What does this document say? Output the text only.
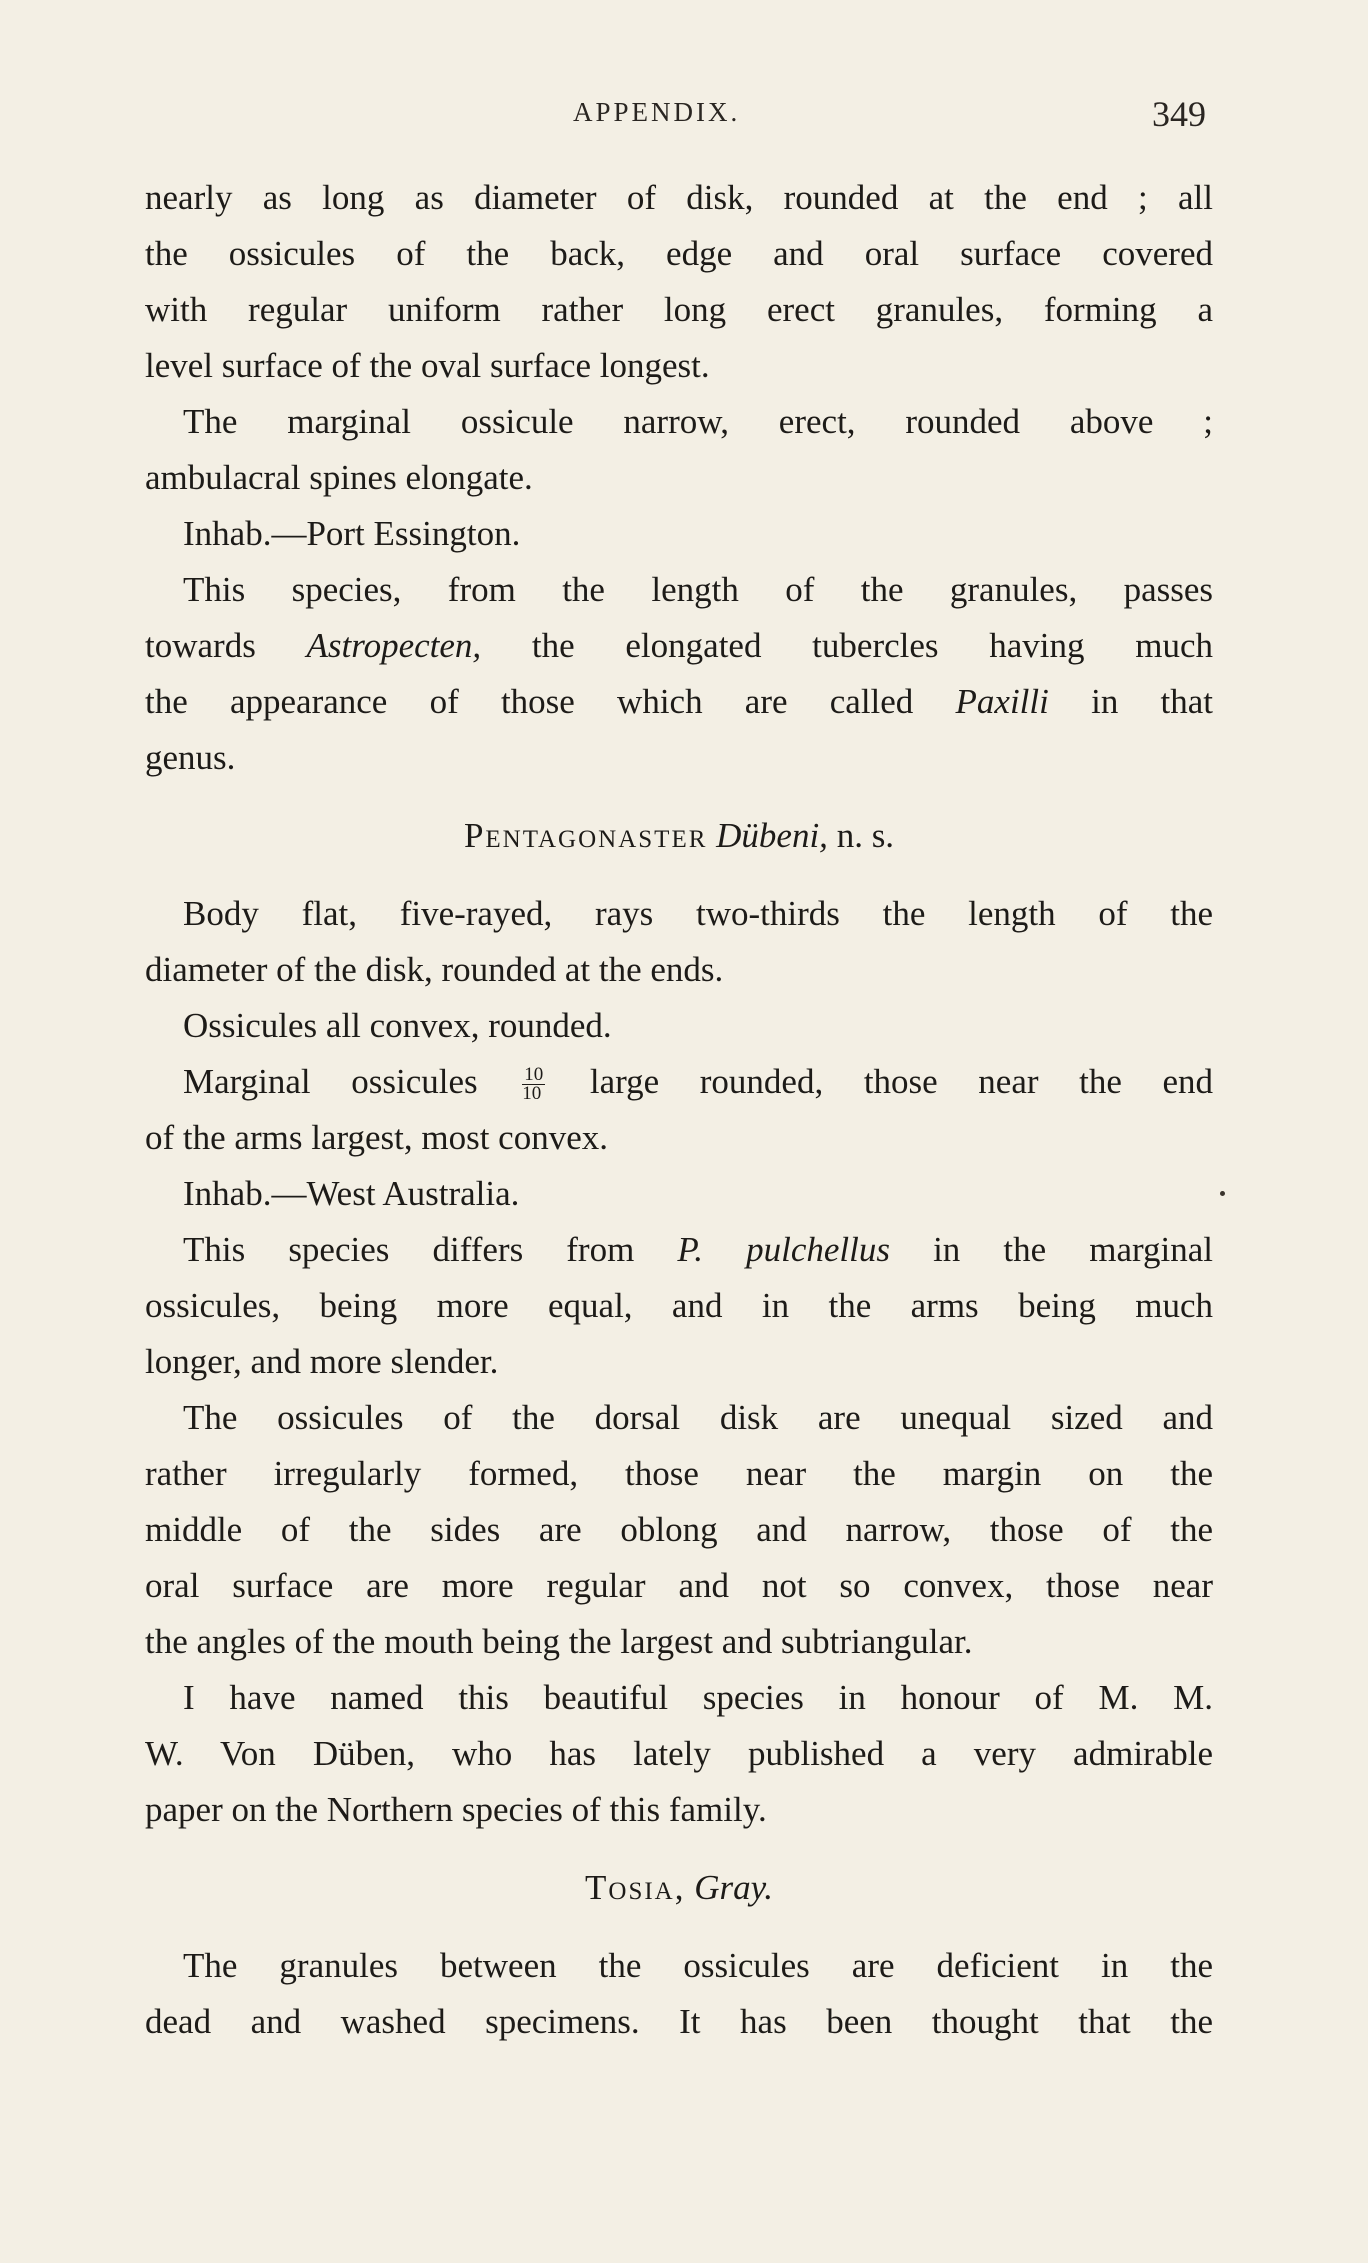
APPENDIX.	349
nearly as long as diameter of disk, rounded at the end ; all
the ossicules of the back, edge and oral surface covered
with regular uniform rather long erect granules, forming a
level surface of the oval surface longest.
The marginal ossicule narrow, erect, rounded above ;
ambulacral spines elongate.
Inhab.—Port Essington.
This species, from the length of the granules, passes
towards Astropecten, the elongated tubercles having much
the appearance of those which are called Paxilli in that
genus.
Pentagonaster Dübeni, n. s.
Body flat, five-rayed, rays two-thirds the length of the
diameter of the disk, rounded at the ends.
Ossicules all convex, rounded.
Marginal ossicules $\frac{10}{10}$ large rounded, those near the end
of the arms largest, most convex.
Inhab.—West Australia.
This species differs from P. pulchellus in the marginal
ossicules, being more equal, and in the arms being much
longer, and more slender.
The ossicules of the dorsal disk are unequal sized and
rather irregularly formed, those near the margin on the
middle of the sides are oblong and narrow, those of the
oral surface are more regular and not so convex, those near
the angles of the mouth being the largest and subtriangular.
I have named this beautiful species in honour of M. M.
W. Von Düben, who has lately published a very admirable
paper on the Northern species of this family.
Tosia, Gray.
The granules between the ossicules are deficient in the
dead and washed specimens. It has been thought that the
